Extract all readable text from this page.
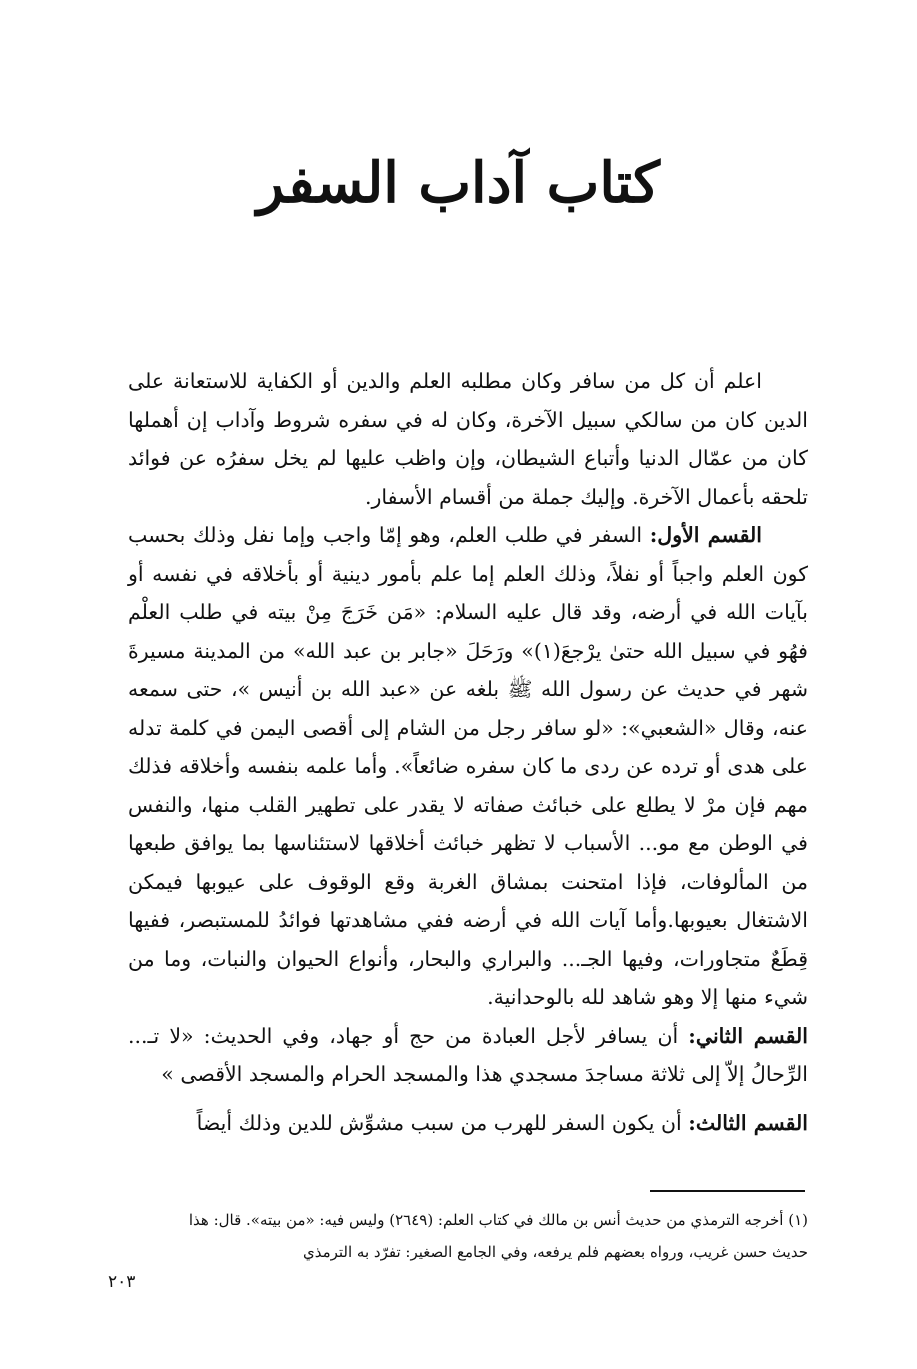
كتاب آداب السفر

اعلم أن كل من سافر وكان مطلبه العلم والدين أو الكفاية للاستعانة على الدين كان من سالكي سبيل الآخرة، وكان له في سفره شروط وآداب إن أهملها كان من عمّال الدنيا وأتباع الشيطان، وإن واظب عليها لم يخل سفرُه عن فوائد تلحقه بأعمال الآخرة. وإليك جملة من أقسام الأسفار.

القسم الأول: السفر في طلب العلم، وهو إمّا واجب وإما نفل وذلك بحسب كون العلم واجباً أو نفلاً، وذلك العلم إما علم بأمور دينية أو بأخلاقه في نفسه أو بآيات الله في أرضه، وقد قال عليه السلام: «مَن خَرَجَ مِنْ بيته في طلب العلْم فهُو في سبيل الله حتىٰ يرْجعَ(١)» ورَحَلَ «جابر بن عبد الله» من المدينة مسيرةَ شهر في حديث عن رسول الله ﷺ بلغه عن «عبد الله بن أنيس »، حتى سمعه عنه، وقال «الشعبي»: «لو سافر رجل من الشام إلى أقصى اليمن في كلمة تدله على هدى أو ترده عن ردى ما كان سفره ضائعاً». وأما علمه بنفسه وأخلاقه فذلك مهم فإن مرْ لا يطلع على خبائث صفاته لا يقدر على تطهير القلب منها، والنفس في الوطن مع مو... الأسباب لا تظهر خبائث أخلاقها لاستئناسها بما يوافق طبعها من المألوفات، فإذا امتحنت بمشاق الغربة وقع الوقوف على عيوبها فيمكن الاشتغال بعيوبها.وأما آيات الله في أرضه ففي مشاهدتها فوائدُ للمستبصر، ففيها قِطَعٌ متجاورات، وفيها الجـ... والبراري والبحار، وأنواع الحيوان والنبات، وما من شيء منها إلا وهو شاهد لله بالوحدانية.

القسم الثاني: أن يسافر لأجل العبادة من حج أو جهاد، وفي الحديث: «لا تـ... الرِّحالُ إلاّ إلى ثلاثة مساجدَ مسجدي هذا والمسجد الحرام والمسجد الأقصى »

القسم الثالث: أن يكون السفر للهرب من سبب مشوِّش للدين وذلك أيضاً

(١) أخرجه الترمذي من حديث أنس بن مالك في كتاب العلم: (٢٦٤٩) وليس فيه: «من بيته». قال: هذا

حديث حسن غريب، ورواه بعضهم فلم يرفعه، وفي الجامع الصغير: تفرّد به الترمذي

٢٠٣
